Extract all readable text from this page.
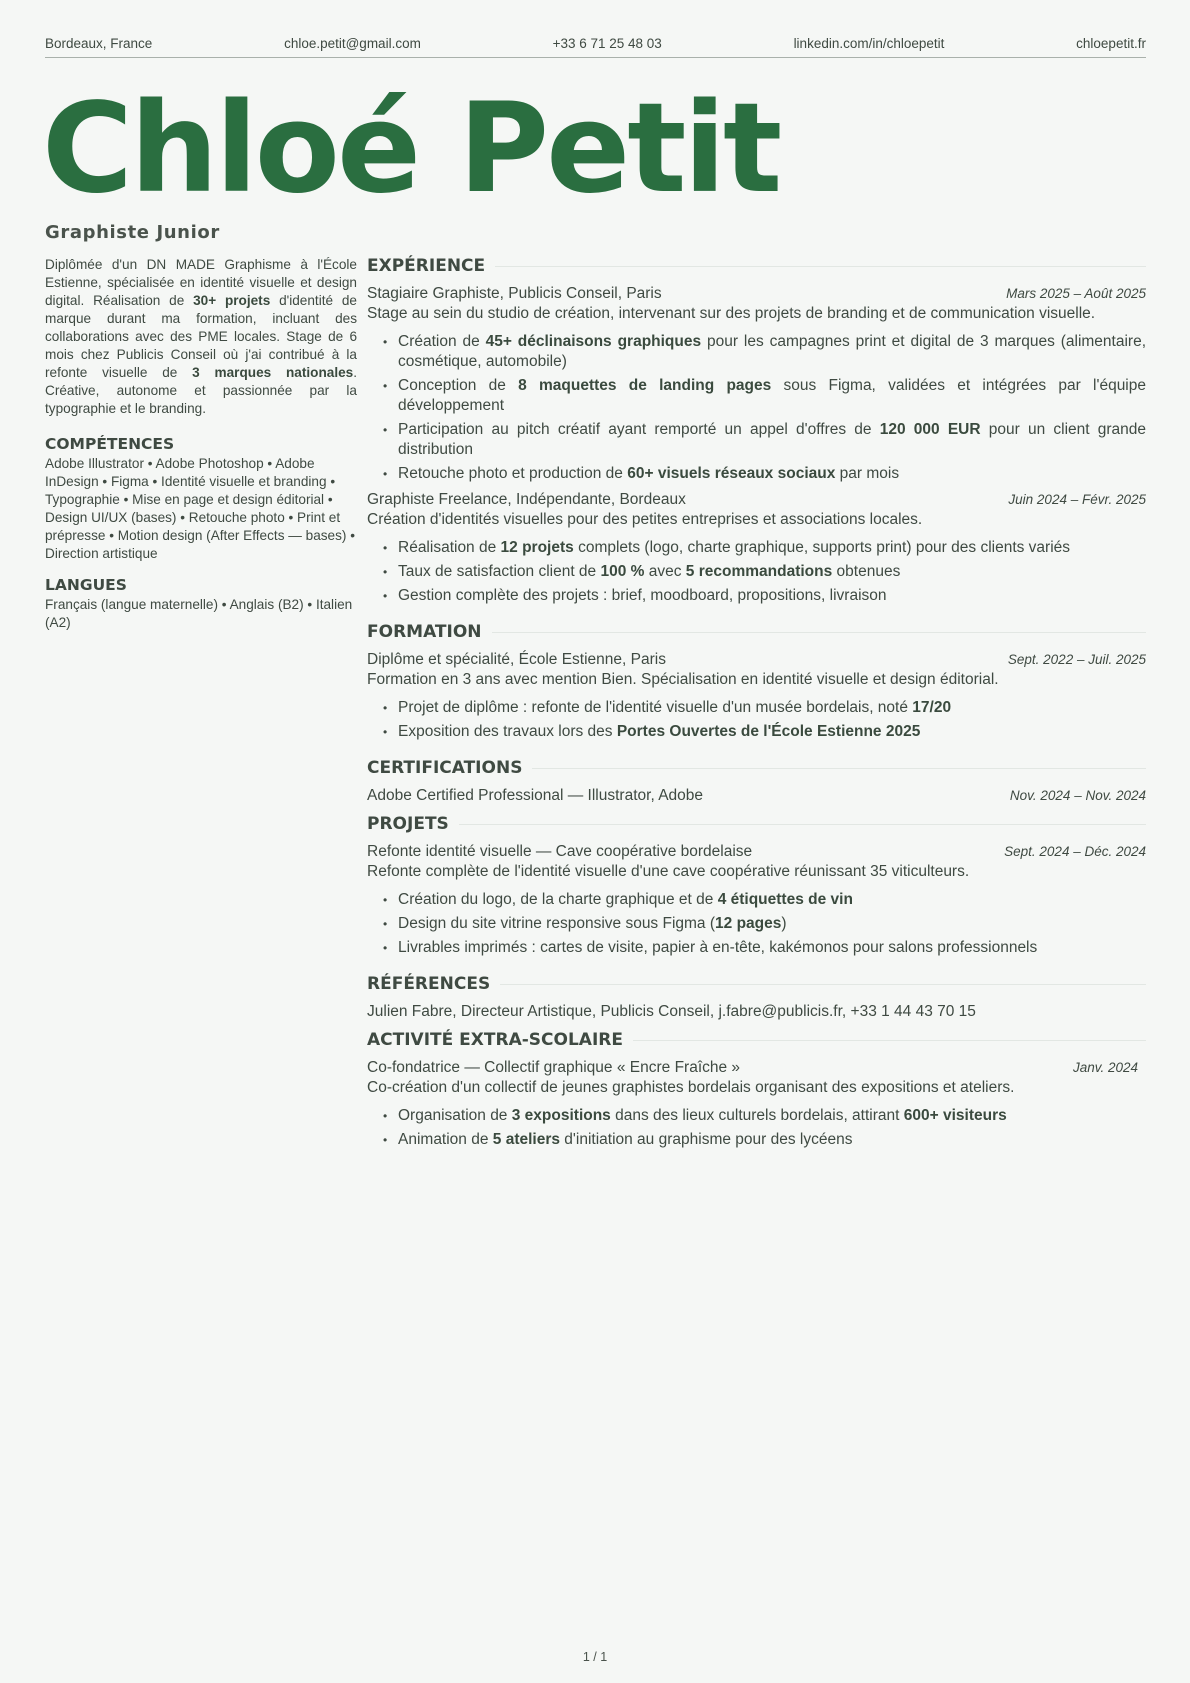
Bordeaux, France	chloe.petit@gmail.com	+33 6 71 25 48 03	linkedin.com/in/chloepetit	chloepetit.fr
Chloé Petit
Graphiste Junior

Diplômée d'un DN MADE Graphisme à l'École Estienne, spécialisée en identité visuelle et design digital. Réalisation de 30+ projets d'identité de marque durant ma formation, incluant des collaborations avec des PME locales. Stage de 6 mois chez Publicis Conseil où j'ai contribué à la refonte visuelle de 3 marques nationales. Créative, autonome et passionnée par la typographie et le branding.

COMPÉTENCES
Adobe Illustrator • Adobe Photoshop • Adobe InDesign • Figma • Identité visuelle et branding • Typographie • Mise en page et design éditorial • Design UI/UX (bases) • Retouche photo • Print et prépresse • Motion design (After Effects — bases) • Direction artistique
LANGUES
Français (langue maternelle) • Anglais (B2) • Italien (A2)
EXPÉRIENCE
Stagiaire Graphiste, Publicis Conseil, Paris	Mars 2025 – Août 2025
Stage au sein du studio de création, intervenant sur des projets de branding et de communication visuelle.
• Création de 45+ déclinaisons graphiques pour les campagnes print et digital de 3 marques (alimentaire, cosmétique, automobile)
• Conception de 8 maquettes de landing pages sous Figma, validées et intégrées par l'équipe développement
• Participation au pitch créatif ayant remporté un appel d'offres de 120 000 EUR pour un client grande distribution
• Retouche photo et production de 60+ visuels réseaux sociaux par mois
Graphiste Freelance, Indépendante, Bordeaux	Juin 2024 – Févr. 2025
Création d'identités visuelles pour des petites entreprises et associations locales.
• Réalisation de 12 projets complets (logo, charte graphique, supports print) pour des clients variés
• Taux de satisfaction client de 100 % avec 5 recommandations obtenues
• Gestion complète des projets : brief, moodboard, propositions, livraison
FORMATION
Diplôme et spécialité, École Estienne, Paris	Sept. 2022 – Juil. 2025
Formation en 3 ans avec mention Bien. Spécialisation en identité visuelle et design éditorial.
• Projet de diplôme : refonte de l'identité visuelle d'un musée bordelais, noté 17/20
• Exposition des travaux lors des Portes Ouvertes de l'École Estienne 2025
CERTIFICATIONS
Adobe Certified Professional — Illustrator, Adobe	Nov. 2024 – Nov. 2024
PROJETS
Refonte identité visuelle — Cave coopérative bordelaise	Sept. 2024 – Déc. 2024
Refonte complète de l'identité visuelle d'une cave coopérative réunissant 35 viticulteurs.
• Création du logo, de la charte graphique et de 4 étiquettes de vin
• Design du site vitrine responsive sous Figma (12 pages)
• Livrables imprimés : cartes de visite, papier à en-tête, kakémonos pour salons professionnels
RÉFÉRENCES
Julien Fabre, Directeur Artistique, Publicis Conseil, j.fabre@publicis.fr, +33 1 44 43 70 15
ACTIVITÉ EXTRA-SCOLAIRE
Co-fondatrice — Collectif graphique « Encre Fraîche »	Janv. 2024
Co-création d'un collectif de jeunes graphistes bordelais organisant des expositions et ateliers.
• Organisation de 3 expositions dans des lieux culturels bordelais, attirant 600+ visiteurs
• Animation de 5 ateliers d'initiation au graphisme pour des lycéens
1 / 1
